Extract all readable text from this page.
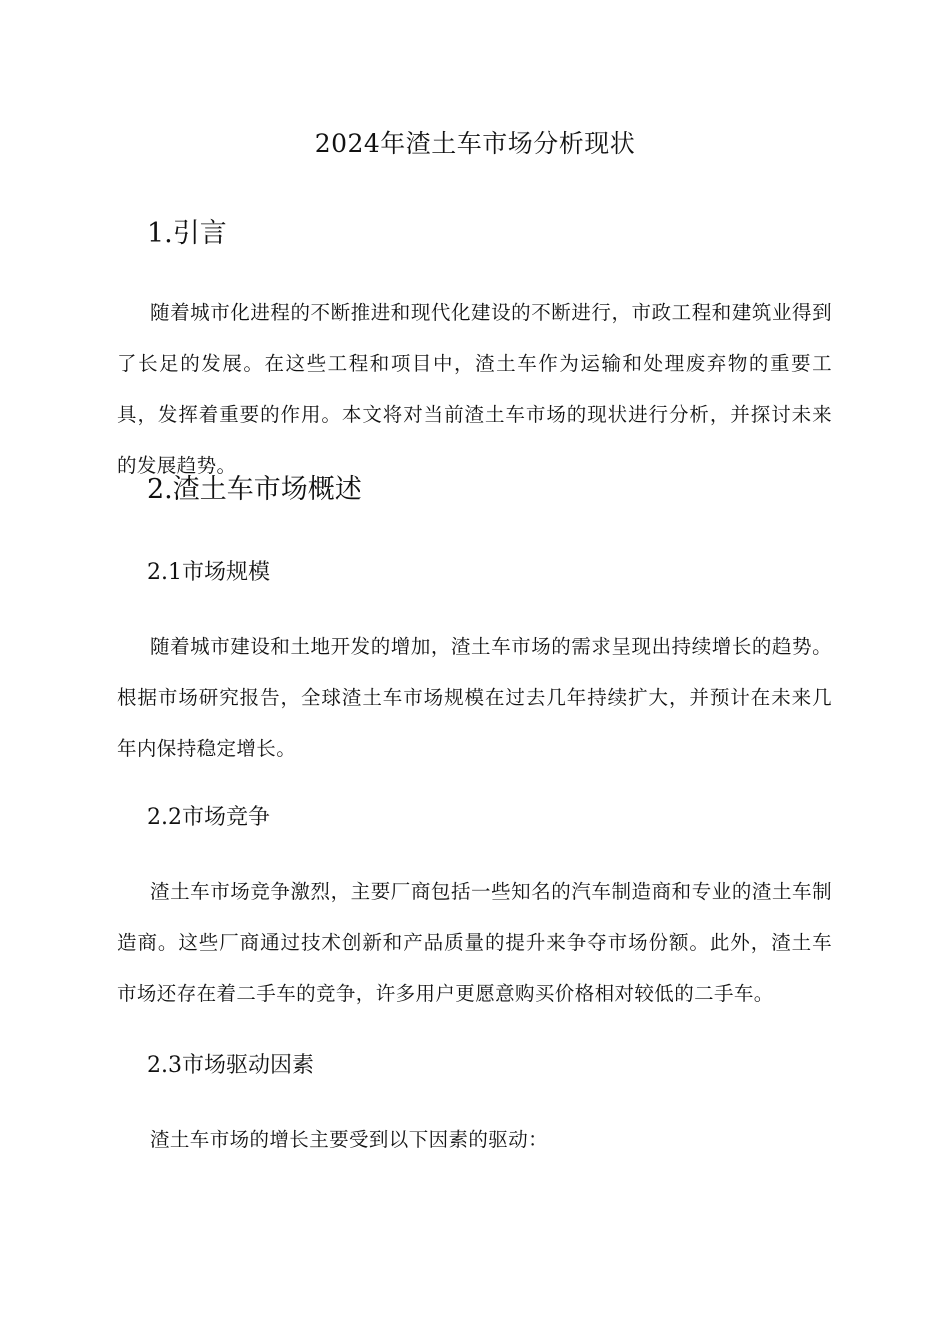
2024年渣土车市场分析现状
1.引言
随着城市化进程的不断推进和现代化建设的不断进行，市政工程和建筑业得到了长足的发展。在这些工程和项目中，渣土车作为运输和处理废弃物的重要工具，发挥着重要的作用。本文将对当前渣土车市场的现状进行分析，并探讨未来的发展趋势。
2.渣土车市场概述
2.1市场规模
随着城市建设和土地开发的增加，渣土车市场的需求呈现出持续增长的趋势。根据市场研究报告，全球渣土车市场规模在过去几年持续扩大，并预计在未来几年内保持稳定增长。
2.2市场竞争
渣土车市场竞争激烈，主要厂商包括一些知名的汽车制造商和专业的渣土车制造商。这些厂商通过技术创新和产品质量的提升来争夺市场份额。此外，渣土车市场还存在着二手车的竞争，许多用户更愿意购买价格相对较低的二手车。
2.3市场驱动因素
渣土车市场的增长主要受到以下因素的驱动：
